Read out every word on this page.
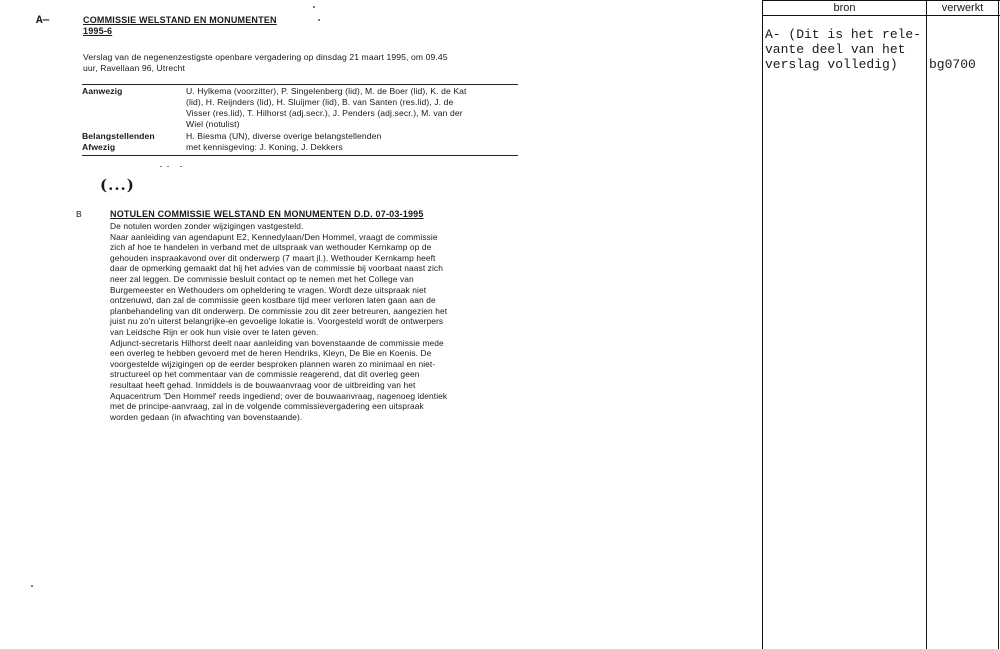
A—	COMMISSIE WELSTAND EN MONUMENTEN
1995-6
Verslag van de negenenzestigste openbare vergadering op dinsdag 21 maart 1995, om 09.45
uur, Ravellaan 96, Utrecht
Aanwezig	U. Hylkema (voorzitter), P. Singelenberg (lid), M. de Boer (lid), K. de Kat
(lid), H. Reijnders (lid), H. Sluijmer (lid), B. van Santen (res.lid), J. de
Visser (res.lid), T. Hilhorst (adj.secr.), J. Penders (adj.secr.), M. van der
Wiel (notulist)
Belangstellenden	H. Biesma (UN), diverse overige belangstellenden
Afwezig	met kennisgeving: J. Koning, J. Dekkers
(...)
B	NOTULEN COMMISSIE WELSTAND EN MONUMENTEN D.D. 07-03-1995
De notulen worden zonder wijzigingen vastgesteld.
Naar aanleiding van agendapunt E2, Kennedylaan/Den Hommel, vraagt de commissie
zich af hoe te handelen in verband met de uitspraak van wethouder Kernkamp op de
gehouden inspraakavond over dit onderwerp (7 maart jl.). Wethouder Kernkamp heeft
daar de opmerking gemaakt dat hij het advies van de commissie bij voorbaat naast zich
neer zal leggen. De commissie besluit contact op te nemen met het College van
Burgemeester en Wethouders om opheldering te vragen. Wordt deze uitspraak niet
ontzenuwd, dan zal de commissie geen kostbare tijd meer verloren laten gaan aan de
planbehandeling van dit onderwerp. De commissie zou dit zeer betreuren, aangezien het
juist nu zo'n uiterst belangrijke-en gevoelige lokatie is. Voorgesteld wordt de ontwerpers
van Leidsche Rijn er ook hun visie over te laten geven.
Adjunct-secretaris Hilhorst deelt naar aanleiding van bovenstaande de commissie mede
een overleg te hebben gevoerd met de heren Hendriks, Kleyn, De Bie en Koenis. De
voorgestelde wijzigingen op de eerder besproken plannen waren zo minimaal en niet-
structureel op het commentaar van de commissie reagerend, dat dit overleg geen
resultaat heeft gehad. Inmiddels is de bouwaanvraag voor de uitbreiding van het
Aquacentrum 'Den Hommel' reeds ingediend; over de bouwaanvraag, nagenoeg identiek
met de principe-aanvraag, zal in de volgende commissievergadering een uitspraak
worden gedaan (in afwachting van bovenstaande).
bron	verwerkt
A- (Dit is het rele-
vante deel van het
verslag volledig)	bg0700
